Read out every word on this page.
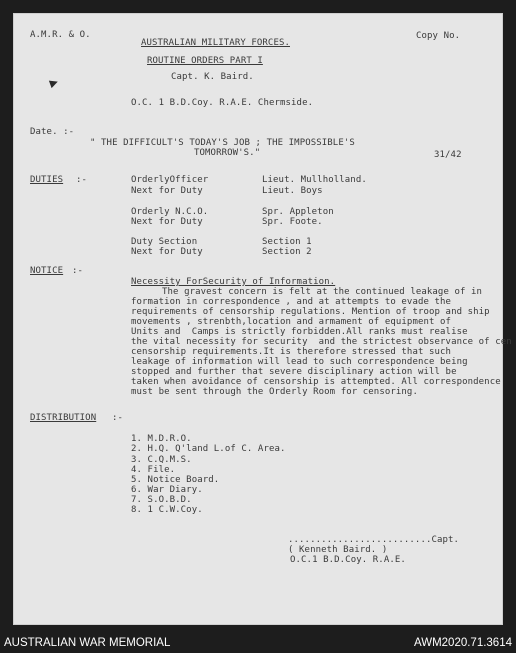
A.M.R. & O.	Copy No.
AUSTRALIAN MILITARY FORCES.
ROUTINE ORDERS PART I
Capt. K. Baird.
O.C. 1 B.D.Coy. R.A.E. Chermside.
Date. :-
" THE DIFFICULT'S TODAY'S JOB ; THE IMPOSSIBLE'S
TOMORROW'S."	31/42
DUTIES :-	OrderlyOfficer	Lieut. Mullholland.
Next for Duty	Lieut. Boys
Orderly N.C.O.	Spr. Appleton
Next for Duty	Spr. Foote.
Duty Section	Section 1
Next for Duty	Section 2
NOTICE :-
Necessity ForSecurity of Information.
The gravest concern is felt at the continued leakage of in
formation in correspondence , and at attempts to evade the
requirements of censorship regulations. Mention of troop and ship
movements , strenbth,location and armament of equipment of
Units and  Camps is strictly forbidden.All ranks must realise
the vital necessity for security  and the strictest observance of cen
censorship requirements.It is therefore stressed that such
leakage of information will lead to such correspondence being
stopped and further that severe disciplinary action will be
taken when avoidance of censorship is attempted. All correspondence
must be sent through the Orderly Room for censoring.
DISTRIBUTION :-
1. M.D.R.O.
2. H.Q. Q'land L.of C. Area.
3. C.Q.M.S.
4. File.
5. Notice Board.
6. War Diary.
7. S.O.B.D.
8. 1 C.W.Coy.
..........................Capt.
( Kenneth Baird. )
O.C.1 B.D.Coy. R.A.E.
AUSTRALIAN WAR MEMORIAL	AWM2020.71.3614
